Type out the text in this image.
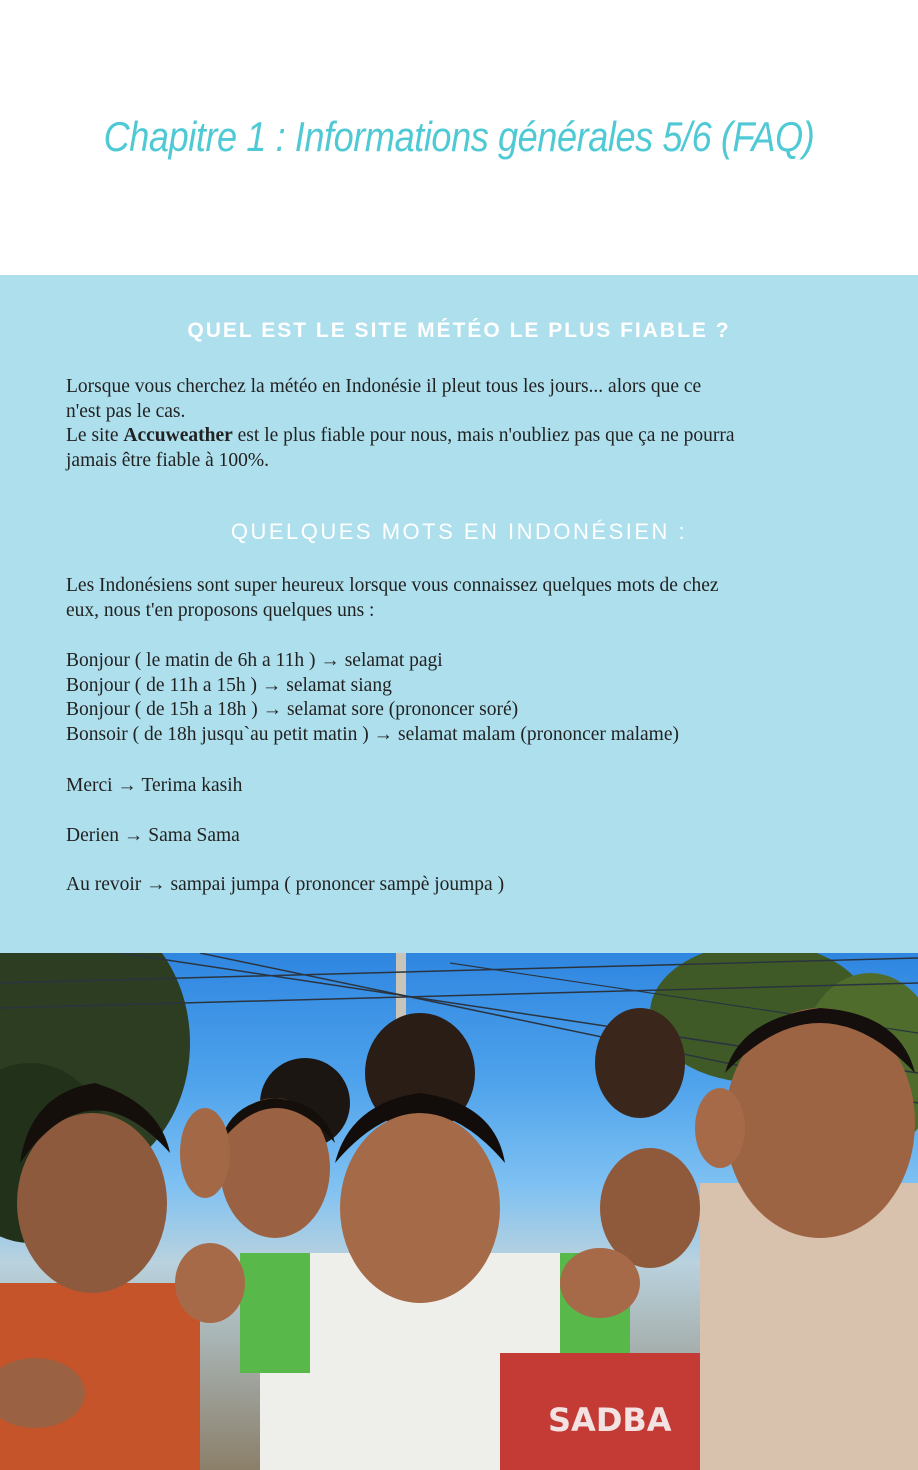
Chapitre 1 : Informations générales 5/6 (FAQ)
QUEL EST LE SITE MÉTÉO LE PLUS FIABLE ?
Lorsque vous cherchez la météo en Indonésie il pleut tous les jours... alors que ce
n'est pas le cas.
Le site Accuweather est le plus fiable pour nous, mais n'oubliez pas que ça ne pourra
jamais être fiable à 100%.
QUELQUES MOTS EN INDONÉSIEN :
Les Indonésiens sont super heureux lorsque vous connaissez quelques mots de chez
eux, nous t'en proposons quelques uns :
Bonjour ( le matin de 6h a 11h ) → selamat pagi
Bonjour ( de 11h a 15h ) → selamat siang
Bonjour ( de 15h a 18h ) → selamat sore (prononcer soré)
Bonsoir ( de 18h jusqu`au petit matin ) → selamat malam (prononcer malame)
Merci → Terima kasih
Derien → Sama Sama
Au revoir → sampai jumpa ( prononcer sampè joumpa )
SADBA
